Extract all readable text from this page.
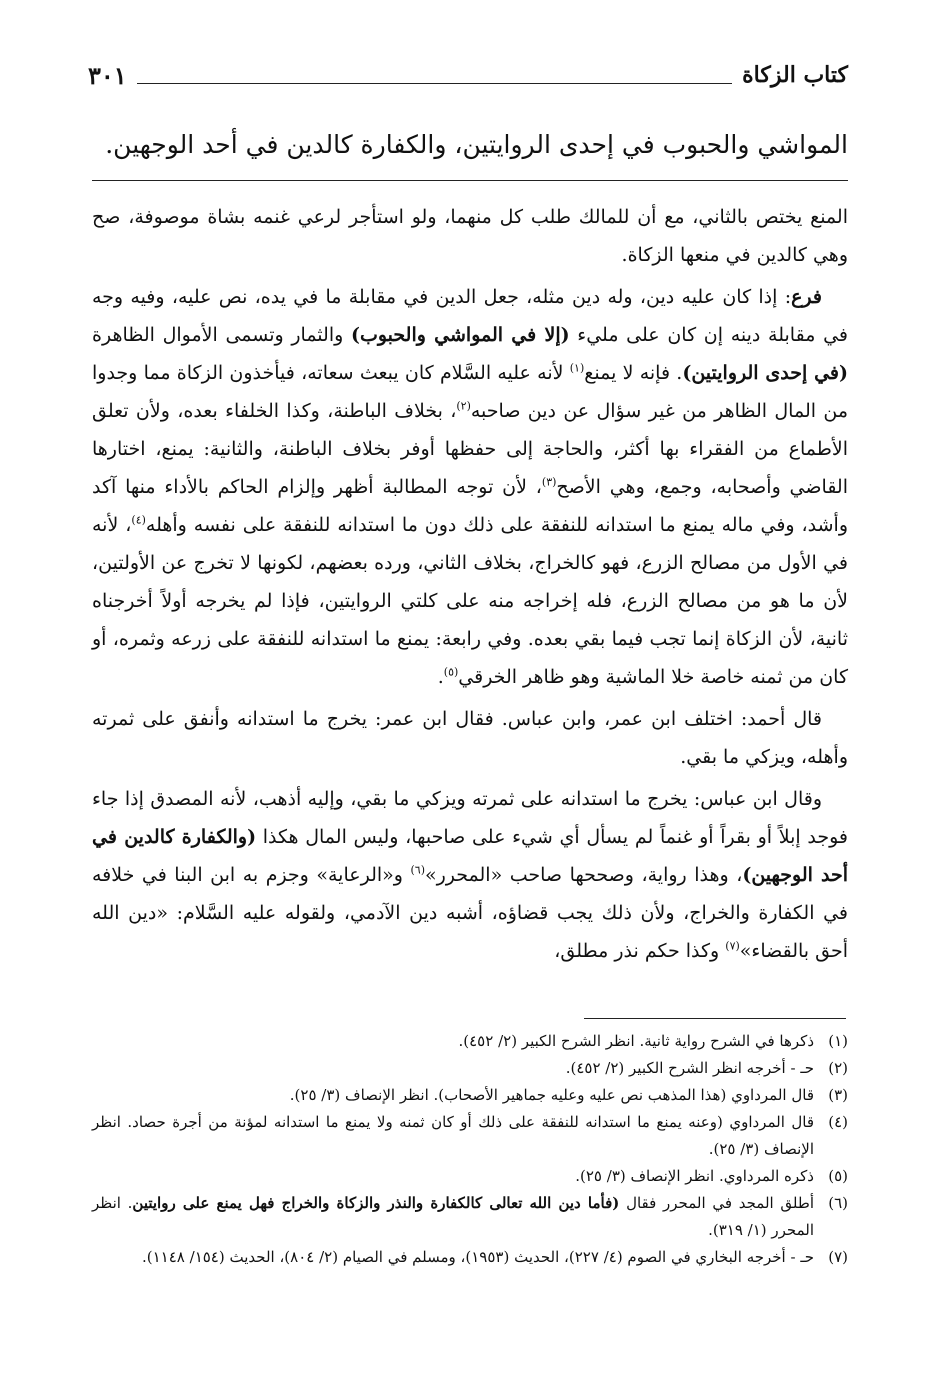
كتاب الزكاة
٣٠١
المواشي والحبوب في إحدى الروايتين، والكفارة كالدين في أحد الوجهين.

المنع يختص بالثاني، مع أن للمالك طلب كل منهما، ولو استأجر لرعي غنمه بشاة موصوفة، صح وهي كالدين في منعها الزكاة.

فرع: إذا كان عليه دين، وله دين مثله، جعل الدين في مقابلة ما في يده، نص عليه، وفيه وجه في مقابلة دينه إن كان على مليء (إلا في المواشي والحبوب) والثمار وتسمى الأموال الظاهرة (في إحدى الروايتين). فإنه لا يمنع$^{(١)}$ لأنه عليه السَّلام كان يبعث سعاته، فيأخذون الزكاة مما وجدوا من المال الظاهر من غير سؤال عن دين صاحبه$^{(٢)}$، بخلاف الباطنة، وكذا الخلفاء بعده، ولأن تعلق الأطماع من الفقراء بها أكثر، والحاجة إلى حفظها أوفر بخلاف الباطنة، والثانية: يمنع، اختارها القاضي وأصحابه، وجمع، وهي الأصح$^{(٣)}$، لأن توجه المطالبة أظهر وإلزام الحاكم بالأداء منها آكد وأشد، وفي ماله يمنع ما استدانه للنفقة على ذلك دون ما استدانه للنفقة على نفسه وأهله$^{(٤)}$، لأنه في الأول من مصالح الزرع، فهو كالخراج، بخلاف الثاني، ورده بعضهم، لكونها لا تخرج عن الأولتين، لأن ما هو من مصالح الزرع، فله إخراجه منه على كلتي الروايتين، فإذا لم يخرجه أولاً أخرجناه ثانية، لأن الزكاة إنما تجب فيما بقي بعده. وفي رابعة: يمنع ما استدانه للنفقة على زرعه وثمره، أو كان من ثمنه خاصة خلا الماشية وهو ظاهر الخرقي$^{(٥)}$.

قال أحمد: اختلف ابن عمر، وابن عباس. فقال ابن عمر: يخرج ما استدانه وأنفق على ثمرته وأهله، ويزكي ما بقي.

وقال ابن عباس: يخرج ما استدانه على ثمرته ويزكي ما بقي، وإليه أذهب، لأنه المصدق إذا جاء فوجد إبلاً أو بقراً أو غنماً لم يسأل أي شيء على صاحبها، وليس المال هكذا (والكفارة كالدين في أحد الوجهين)، وهذا رواية، وصححها صاحب «المحرر»$^{(٦)}$ و«الرعاية» وجزم به ابن البنا في خلافه في الكفارة والخراج، ولأن ذلك يجب قضاؤه، أشبه دين الآدمي، ولقوله عليه السَّلام: «دين الله أحق بالقضاء»$^{(٧)}$ وكذا حكم نذر مطلق،

(١)
ذكرها في الشرح رواية ثانية. انظر الشرح الكبير (٢/ ٤٥٢).
(٢)
حـ - أخرجه انظر الشرح الكبير (٢/ ٤٥٢).
(٣)
قال المرداوي (هذا المذهب نص عليه وعليه جماهير الأصحاب). انظر الإنصاف (٣/ ٢٥).
(٤)
قال المرداوي (وعنه يمنع ما استدانه للنفقة على ذلك أو كان ثمنه ولا يمنع ما استدانه لمؤنة من أجرة حصاد. انظر الإنصاف (٣/ ٢٥).
(٥)
ذكره المرداوي. انظر الإنصاف (٣/ ٢٥).
(٦)
أطلق المجد في المحرر فقال (فأما دين الله تعالى كالكفارة والنذر والزكاة والخراج فهل يمنع على روايتين. انظر المحرر (١/ ٣١٩).
(٧)
حـ - أخرجه البخاري في الصوم (٤/ ٢٢٧)، الحديث (١٩٥٣)، ومسلم في الصيام (٢/ ٨٠٤)، الحديث (١٥٤/ ١١٤٨).
